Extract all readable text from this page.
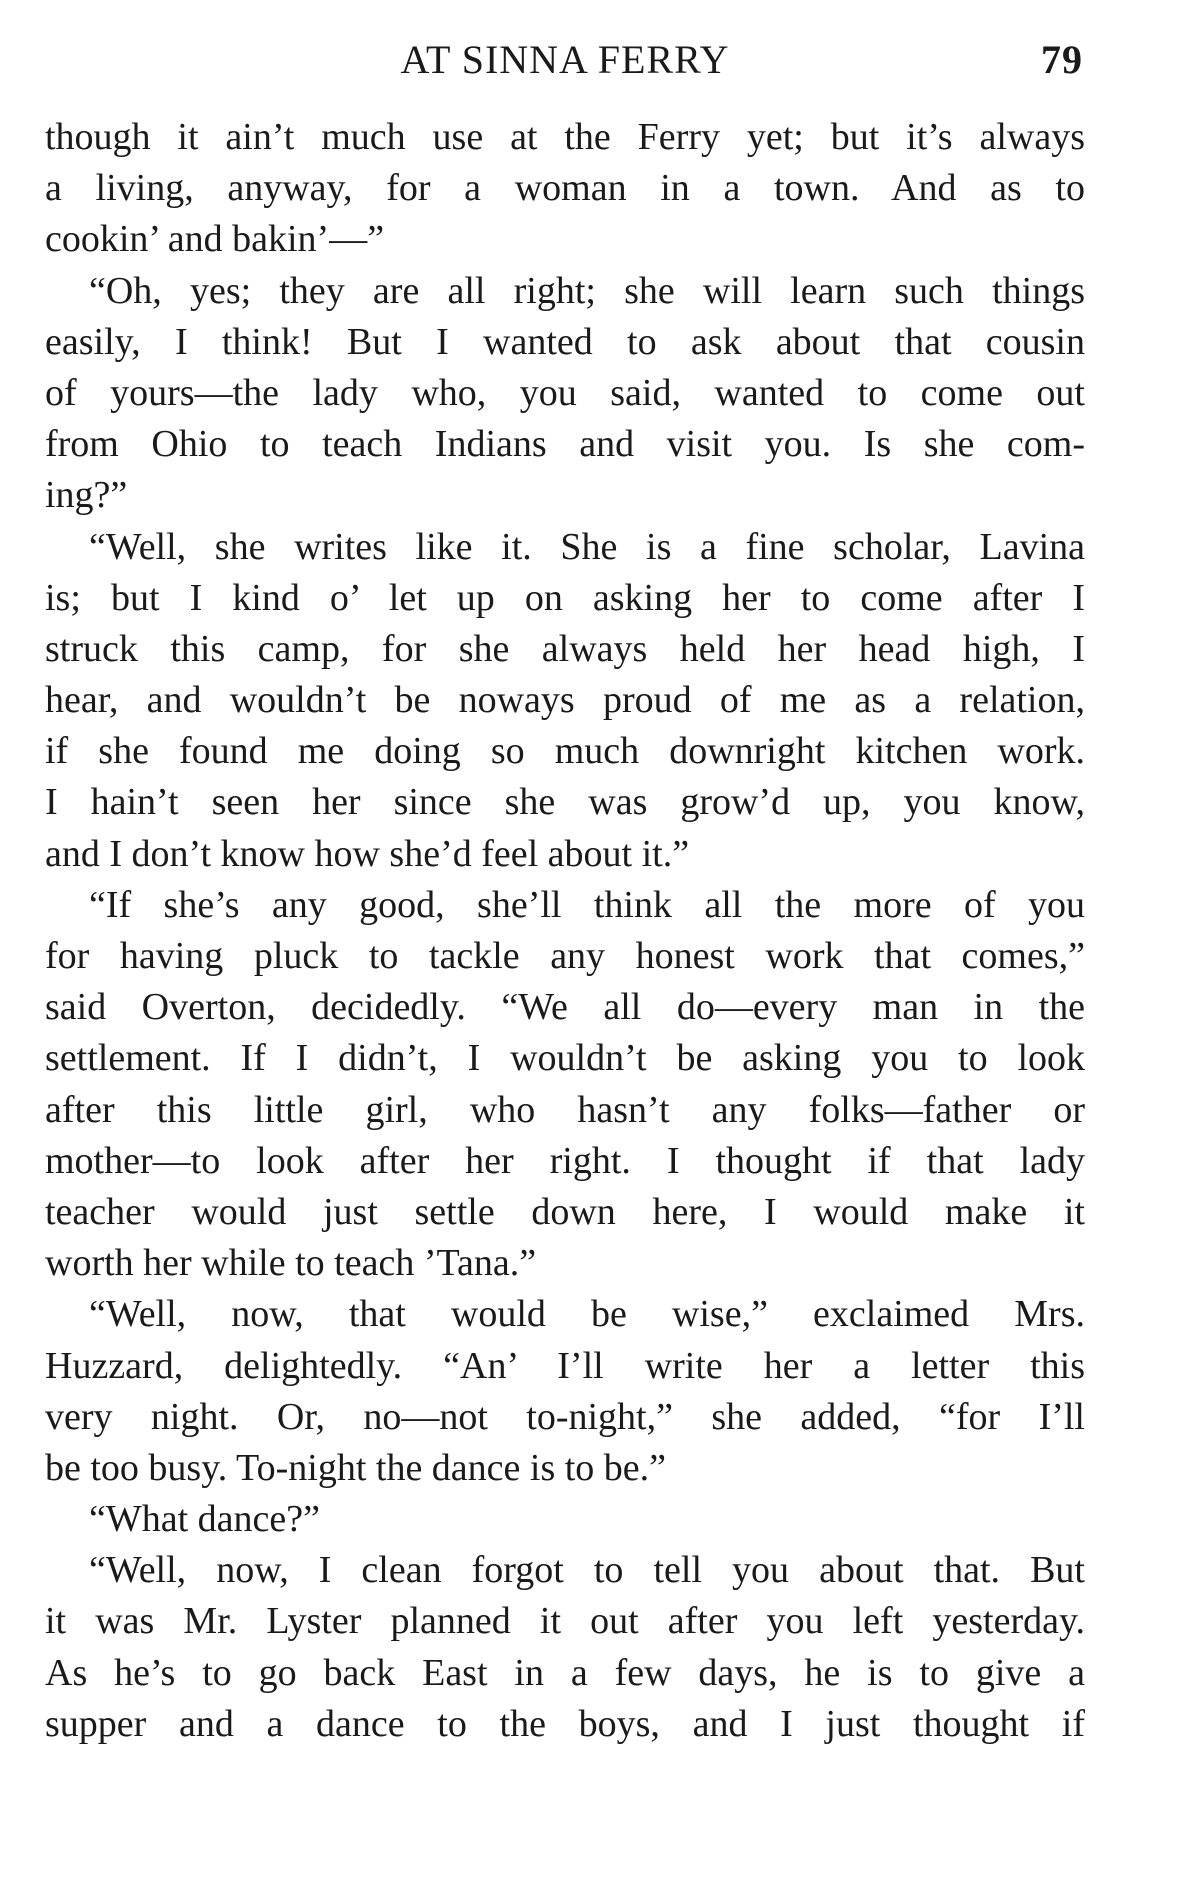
AT SINNA FERRY	79
though it ain’t much use at the Ferry yet; but it’s always
a living, anyway, for a woman in a town. And as to
cookin’ and bakin’—”
“Oh, yes; they are all right; she will learn such things
easily, I think! But I wanted to ask about that cousin
of yours—the lady who, you said, wanted to come out
from Ohio to teach Indians and visit you. Is she com-
ing?”
“Well, she writes like it. She is a fine scholar, Lavina
is; but I kind o’ let up on asking her to come after I
struck this camp, for she always held her head high, I
hear, and wouldn’t be noways proud of me as a relation,
if she found me doing so much downright kitchen work.
I hain’t seen her since she was grow’d up, you know,
and I don’t know how she’d feel about it.”
“If she’s any good, she’ll think all the more of you
for having pluck to tackle any honest work that comes,”
said Overton, decidedly. “We all do—every man in the
settlement. If I didn’t, I wouldn’t be asking you to look
after this little girl, who hasn’t any folks—father or
mother—to look after her right. I thought if that lady
teacher would just settle down here, I would make it
worth her while to teach ’Tana.”
“Well, now, that would be wise,” exclaimed Mrs.
Huzzard, delightedly. “An’ I’ll write her a letter this
very night. Or, no—not to-night,” she added, “for I’ll
be too busy. To-night the dance is to be.”
“What dance?”
“Well, now, I clean forgot to tell you about that. But
it was Mr. Lyster planned it out after you left yesterday.
As he’s to go back East in a few days, he is to give a
supper and a dance to the boys, and I just thought if
